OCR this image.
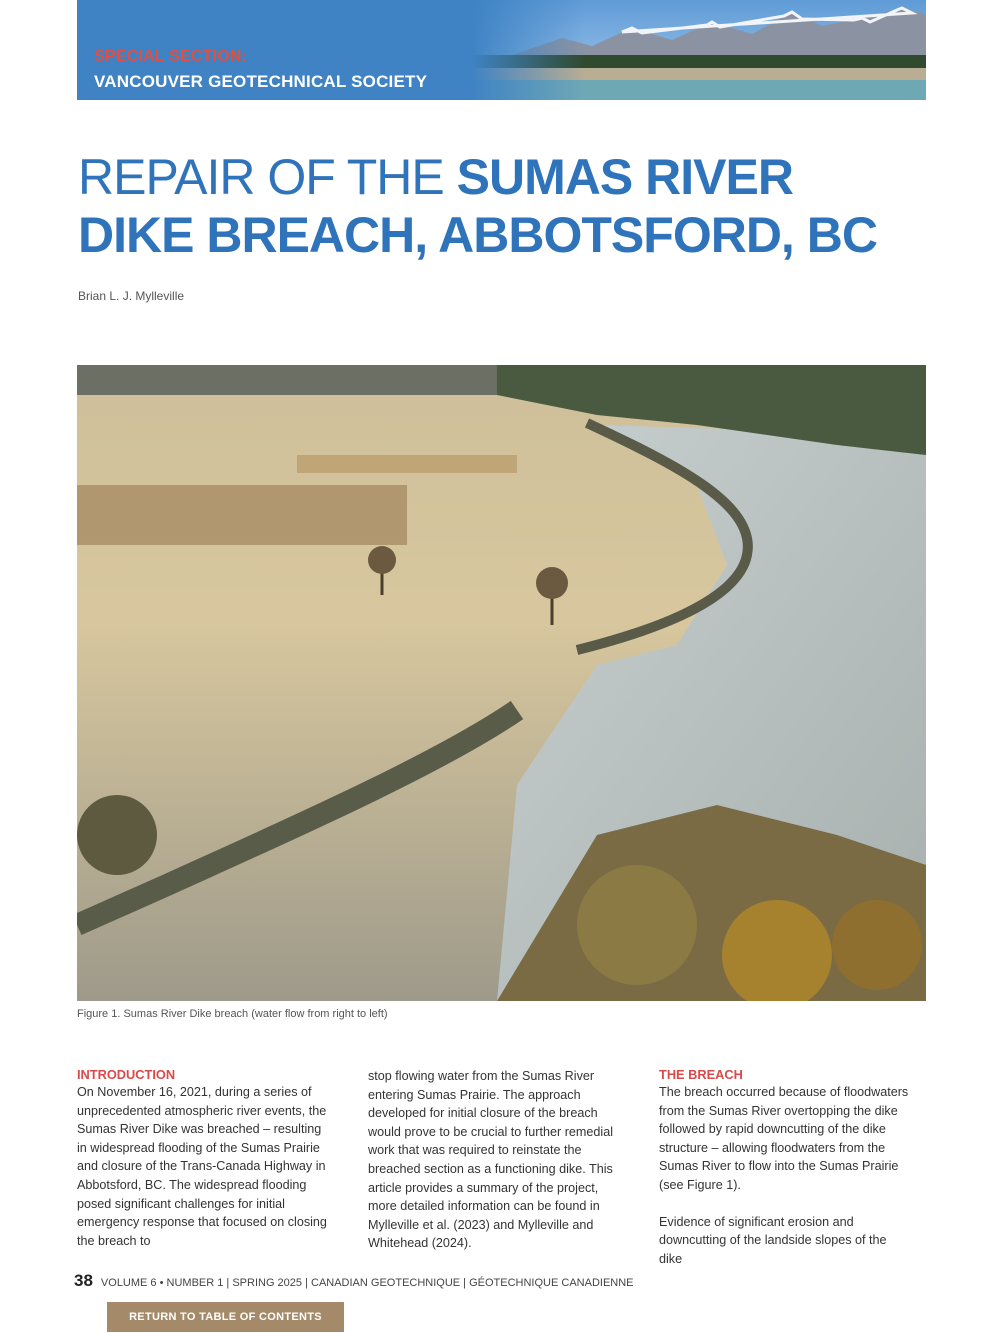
SPECIAL SECTION:
VANCOUVER GEOTECHNICAL SOCIETY
REPAIR OF THE SUMAS RIVER
DIKE BREACH, ABBOTSFORD, BC
Brian L. J. Mylleville
Figure 1. Sumas River Dike breach (water flow from right to left)
INTRODUCTION

On November 16, 2021, during a series of unprecedented atmospheric river events, the Sumas River Dike was breached – resulting in widespread flooding of the Sumas Prairie and closure of the Trans-Canada Highway in Abbotsford, BC. The widespread flooding posed significant challenges for initial emergency response that focused on closing the breach to

stop flowing water from the Sumas River entering Sumas Prairie. The approach developed for initial closure of the breach would prove to be crucial to further remedial work that was required to reinstate the breached section as a functioning dike. This article provides a summary of the project, more detailed information can be found in Mylleville et al. (2023) and Mylleville and Whitehead (2024).

THE BREACH

The breach occurred because of floodwaters from the Sumas River overtopping the dike followed by rapid downcutting of the dike structure – allowing floodwaters from the Sumas River to flow into the Sumas Prairie (see Figure 1).

Evidence of significant erosion and downcutting of the landside slopes of the dike

38 VOLUME 6 • NUMBER 1 | SPRING 2025 | CANADIAN GEOTECHNIQUE | GÉOTECHNIQUE CANADIENNE
RETURN TO TABLE OF CONTENTS
